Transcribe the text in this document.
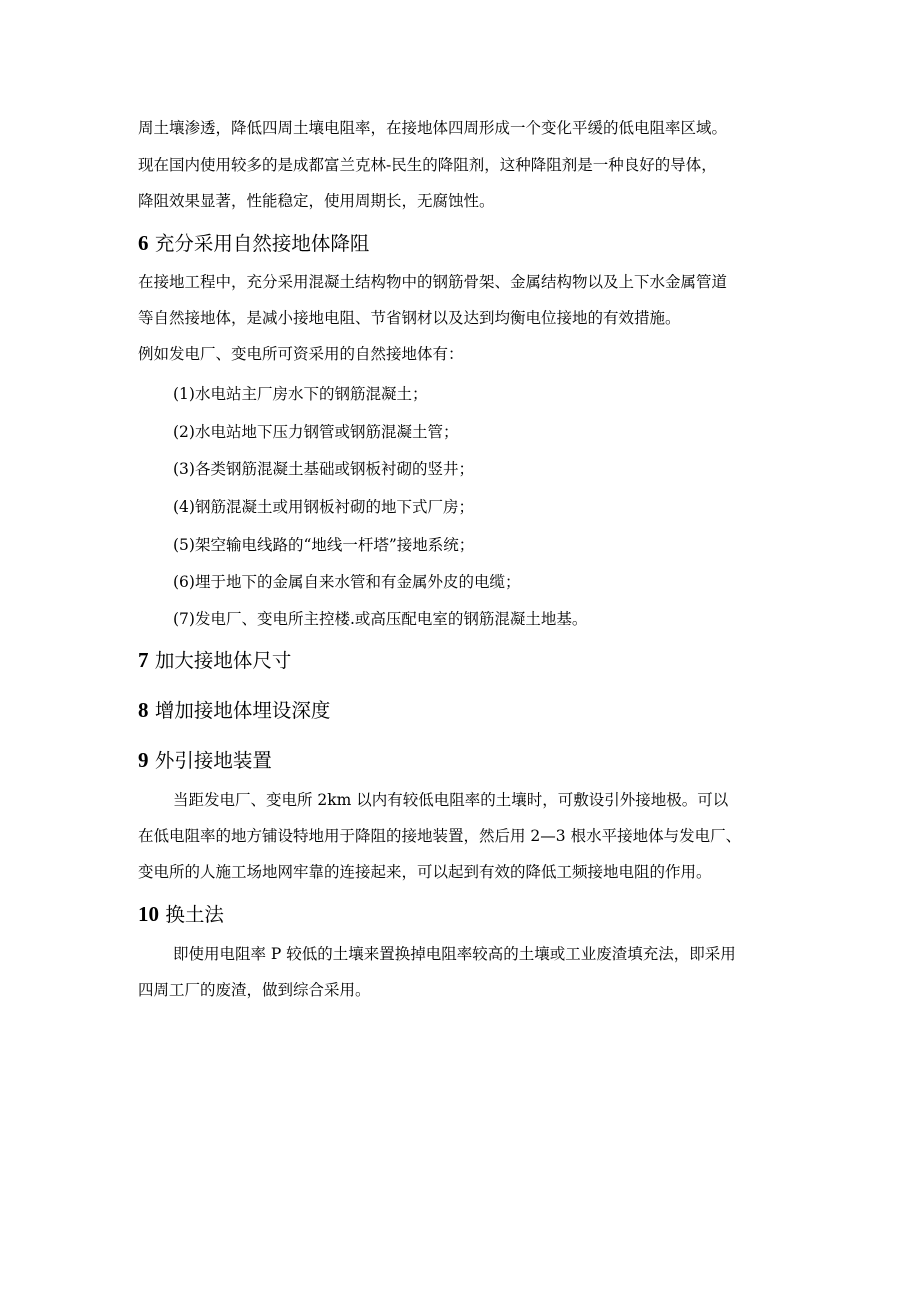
周土壤渗透，降低四周土壤电阻率，在接地体四周形成一个变化平缓的低电阻率区域。
现在国内使用较多的是成都富兰克林-民生的降阻剂，这种降阻剂是一种良好的导体，
降阻效果显著，性能稳定，使用周期长，无腐蚀性。
6 充分采用自然接地体降阻
在接地工程中，充分采用混凝土结构物中的钢筋骨架、金属结构物以及上下水金属管道
等自然接地体，是减小接地电阻、节省钢材以及达到均衡电位接地的有效措施。
例如发电厂、变电所可资采用的自然接地体有：
(1)水电站主厂房水下的钢筋混凝土；
(2)水电站地下压力钢管或钢筋混凝土管；
(3)各类钢筋混凝土基础或钢板衬砌的竖井；
(4)钢筋混凝土或用钢板衬砌的地下式厂房；
(5)架空输电线路的“地线一杆塔”接地系统；
(6)埋于地下的金属自来水管和有金属外皮的电缆；
(7)发电厂、变电所主控楼.或高压配电室的钢筋混凝土地基。
7 加大接地体尺寸
8 增加接地体埋设深度
9 外引接地装置
当距发电厂、变电所 2km 以内有较低电阻率的土壤时，可敷设引外接地极。可以
在低电阻率的地方铺设特地用于降阻的接地装置，然后用 2—3 根水平接地体与发电厂、
变电所的人施工场地网牢靠的连接起来，可以起到有效的降低工频接地电阻的作用。
10 换土法
即使用电阻率 P 较低的土壤来置换掉电阻率较高的土壤或工业废渣填充法，即采用
四周工厂的废渣，做到综合采用。
